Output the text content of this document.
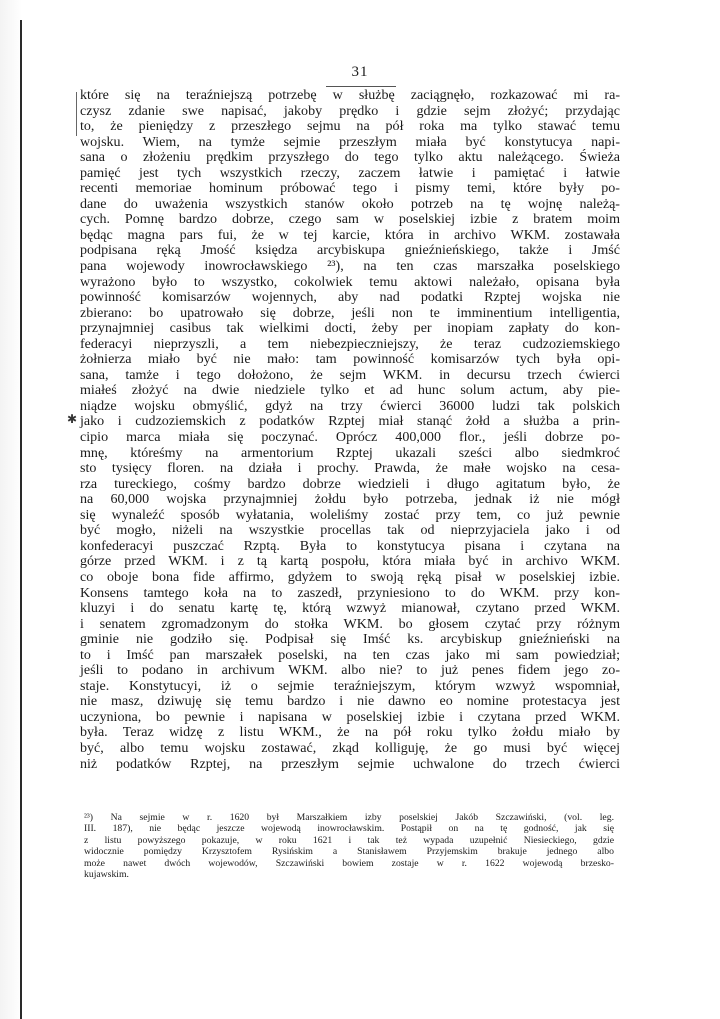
31
✱
które się na teraźniejszą potrzebę w służbę zaciągnęło, rozkazować mi ra-
czysz zdanie swe napisać, jakoby prędko i gdzie sejm złożyć; przydając
to, że pieniędzy z przeszłego sejmu na pół roka ma tylko stawać temu
wojsku. Wiem, na tymże sejmie przeszłym miała być konstytucya napi-
sana o złożeniu prędkim przyszłego do tego tylko aktu należącego. Świeża
pamięć jest tych wszystkich rzeczy, zaczem łatwie i pamiętać i łatwie
recenti memoriae hominum próbować tego i pismy temi, które były po-
dane do uważenia wszystkich stanów około potrzeb na tę wojnę należą-
cych. Pomnę bardzo dobrze, czego sam w poselskiej izbie z bratem moim
będąc magna pars fui, że w tej karcie, która in archivo WKM. zostawała
podpisana ręką Jmość księdza arcybiskupa gnieźnieńskiego, także i Jmść
pana wojewody inowrocławskiego ²³), na ten czas marszałka poselskiego
wyrażono było to wszystko, cokolwiek temu aktowi należało, opisana była
powinność komisarzów wojennych, aby nad podatki Rzptej wojska nie
zbierano: bo upatrowało się dobrze, jeśli non te imminentium intelligentia,
przynajmniej casibus tak wielkimi docti, żeby per inopiam zapłaty do kon-
federacyi nieprzyszli, a tem niebezpieczniejszy, że teraz cudzoziemskiego
żołnierza miało być nie mało: tam powinność komisarzów tych była opi-
sana, tamże i tego dołożono, że sejm WKM. in decursu trzech ćwierci
miałeś złożyć na dwie niedziele tylko et ad hunc solum actum, aby pie-
niądze wojsku obmyślić, gdyż na trzy ćwierci 36000 ludzi tak polskich
jako i cudzoziemskich z podatków Rzptej miał stanąć żołd a służba a prin-
cipio marca miała się poczynać. Oprócz 400,000 flor., jeśli dobrze po-
mnę, któreśmy na armentorium Rzptej ukazali sześci albo siedmkroć
sto tysięcy floren. na działa i prochy. Prawda, że małe wojsko na cesa-
rza tureckiego, cośmy bardzo dobrze wiedzieli i długo agitatum było, że
na 60,000 wojska przynajmniej żołdu było potrzeba, jednak iż nie mógł
się wynaleźć sposób wyłatania, woleliśmy zostać przy tem, co już pewnie
być mogło, niżeli na wszystkie procellas tak od nieprzyjaciela jako i od
konfederacyi puszczać Rzptą. Była to konstytucya pisana i czytana na
górze przed WKM. i z tą kartą pospołu, która miała być in archivo WKM.
co oboje bona fide affirmo, gdyżem to swoją ręką pisał w poselskiej izbie.
Konsens tamtego koła na to zaszedł, przyniesiono to do WKM. przy kon-
kluzyi i do senatu kartę tę, którą wzwyż mianował, czytano przed WKM.
i senatem zgromadzonym do stołka WKM. bo głosem czytać przy różnym
gminie nie godziło się. Podpisał się Imść ks. arcybiskup gnieźnieński na
to i Imść pan marszałek poselski, na ten czas jako mi sam powiedział;
jeśli to podano in archivum WKM. albo nie? to już penes fidem jego zo-
staje. Konstytucyi, iż o sejmie teraźniejszym, którym wzwyż wspomniał,
nie masz, dziwuję się temu bardzo i nie dawno eo nomine protestacya jest
uczyniona, bo pewnie i napisana w poselskiej izbie i czytana przed WKM.
była. Teraz widzę z listu WKM., że na pół roku tylko żołdu miało by
być, albo temu wojsku zostawać, zkąd kolliguję, że go musi być więcej
niż podatków Rzptej, na przeszłym sejmie uchwalone do trzech ćwierci
²³) Na sejmie w r. 1620 był Marszałkiem izby poselskiej Jakób Szczawiński, (vol. leg.
III. 187), nie będąc jeszcze wojewodą inowrocławskim. Postąpił on na tę godność, jak się
z listu powyższego pokazuje, w roku 1621 i tak też wypada uzupełnić Niesieckiego, gdzie
widocznie pomiędzy Krzysztofem Rysińskim a Stanisławem Przyjemskim brakuje jednego albo
może nawet dwóch wojewodów, Szczawiński bowiem zostaje w r. 1622 wojewodą brzesko-
kujawskim.
